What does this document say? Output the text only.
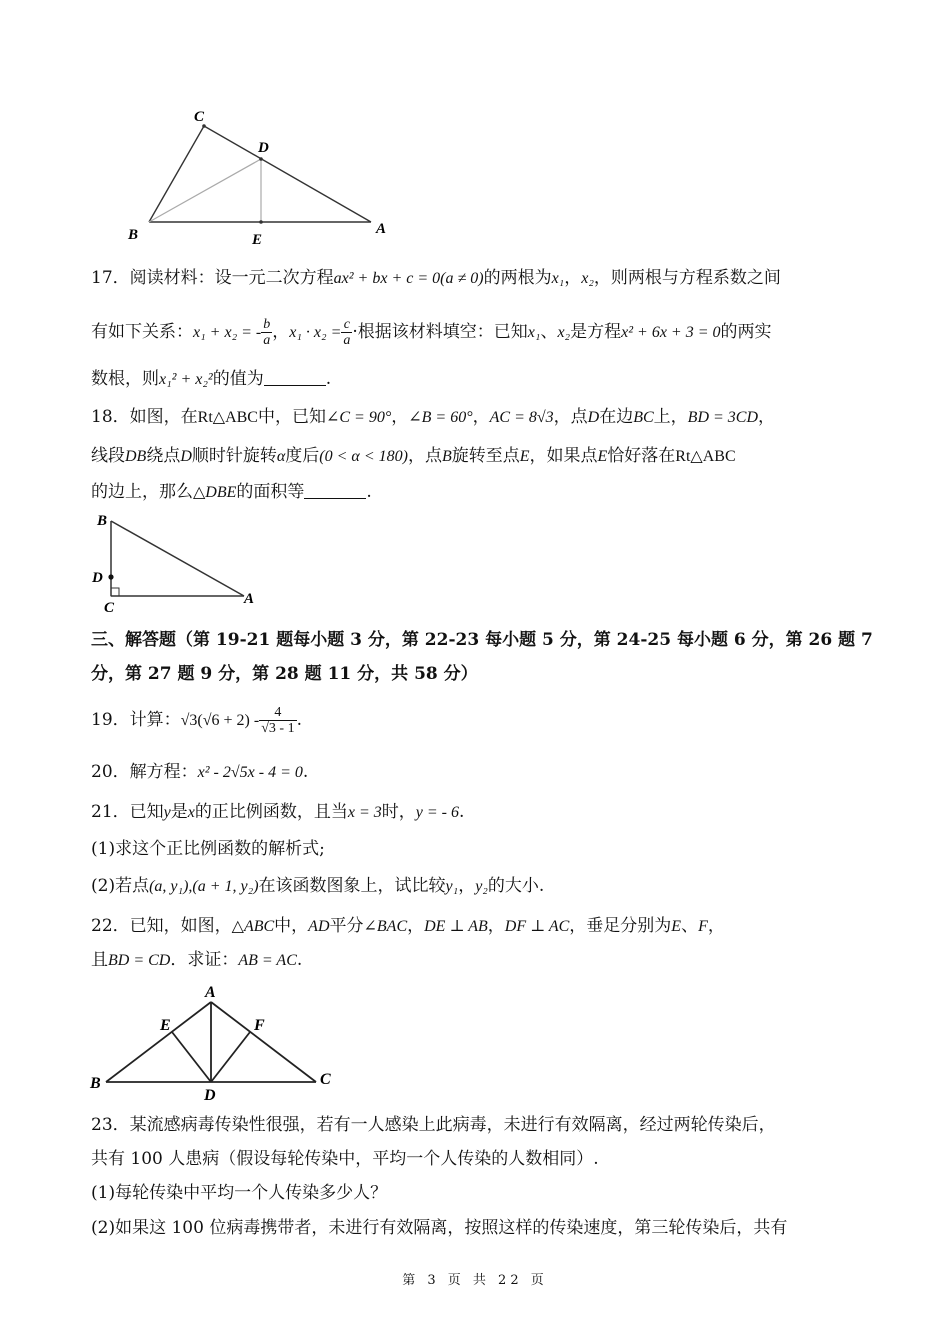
C
D
B	E
A
17．阅读材料：设一元二次方程ax² + bx + c = 0(a ≠ 0)的两根为x₁，x₂，则两根与方程系数之间
有如下关系：x₁ + x₂ = - $\frac{b}{a}$ ，$x_1 \cdot x_2 = \frac{c}{a}$ ·根据该材料填空：已知x₁、x₂是方程x² + 6x + 3 = 0的两实
数根，则x₁² + x₂²的值为	.
18．如图，在Rt△ABC中，已知∠C = 90°，∠B = 60°，AC = 8√3，点D在边BC上，BD = 3CD，
线段DB绕点D顺时针旋转α度后(0 < α < 180)，点B旋转至点E，如果点E恰好落在Rt△ABC
的边上，那么△DBE的面积等	.
B
D
C
A
三、解答题（第 19-21 题每小题 3 分，第 22-23 每小题 5 分，第 24-25 每小题 6 分，第 26 题 7
分，第 27 题 9 分，第 28 题 11 分，共 58 分）
19．计算：$√3(√6 + 2) - \frac{4}{√3 - 1}$ .
20．解方程：x² - 2√5x - 4 = 0.
21．已知y是x的正比例函数，且当x = 3时，y = - 6.
(1)求这个正比例函数的解析式;
(2)若点(a, y₁),(a + 1, y₂)在该函数图象上，试比较y₁，y₂的大小.
22．已知，如图，△ABC中，AD平分∠BAC，DE ⊥ AB，DF ⊥ AC，垂足分别为E、F，
且BD = CD．求证：AB = AC.
A
E	F
B
D
C
23．某流感病毒传染性很强，若有一人感染上此病毒，未进行有效隔离，经过两轮传染后，
共有 100 人患病（假设每轮传染中，平均一个人传染的人数相同）.
(1)每轮传染中平均一个人传染多少人？
(2)如果这 100 位病毒携带者，未进行有效隔离，按照这样的传染速度，第三轮传染后，共有
第 3 页 共 22 页
